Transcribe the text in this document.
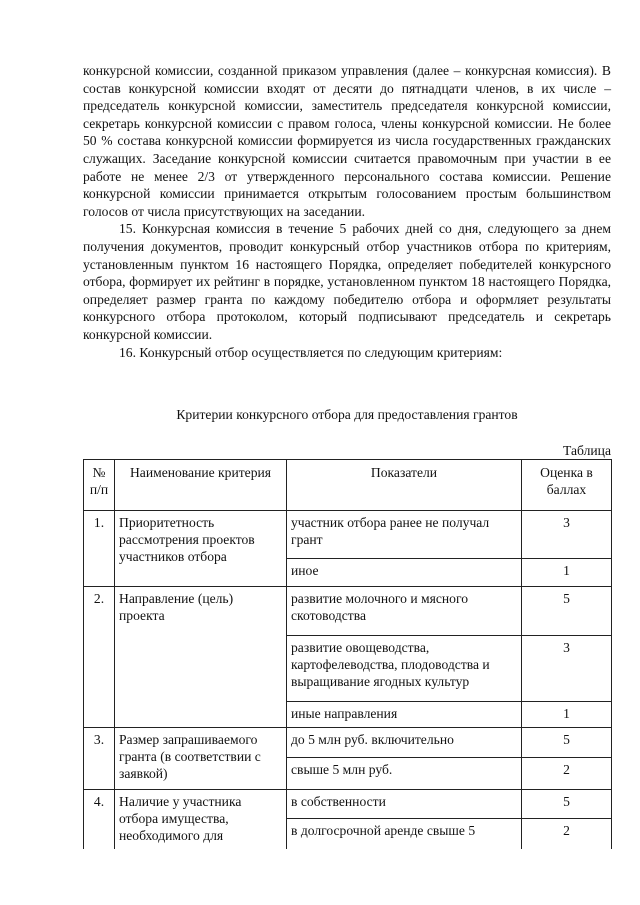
конкурсной комиссии, созданной приказом управления (далее – конкурсная комиссия). В состав конкурсной комиссии входят от десяти до пятнадцати членов, в их числе – председатель конкурсной комиссии, заместитель председателя конкурсной комиссии, секретарь конкурсной комиссии с правом голоса, члены конкурсной комиссии. Не более 50 % состава конкурсной комиссии формируется из числа государственных гражданских служащих. Заседание конкурсной комиссии считается правомочным при участии в ее работе не менее 2/3 от утвержденного персонального состава комиссии. Решение конкурсной комиссии принимается открытым голосованием простым большинством голосов от числа присутствующих на заседании.

15. Конкурсная комиссия в течение 5 рабочих дней со дня, следующего за днем получения документов, проводит конкурсный отбор участников отбора по критериям, установленным пунктом 16 настоящего Порядка, определяет победителей конкурсного отбора, формирует их рейтинг в порядке, установленном пунктом 18 настоящего Порядка, определяет размер гранта по каждому победителю отбора и оформляет результаты конкурсного отбора протоколом, который подписывают председатель и секретарь конкурсной комиссии.

16. Конкурсный отбор осуществляется по следующим критериям:

Критерии конкурсного отбора для предоставления грантов
Таблица
№ п/п	Наименование критерия	Показатели	Оценка в баллах
1.	Приоритетность рассмотрения проектов участников отбора	участник отбора ранее не получал грант	3
		иное	1
2.	Направление (цель) проекта	развитие молочного и мясного скотоводства	5
		развитие овощеводства, картофелеводства, плодоводства и выращивание ягодных культур	3
		иные направления	1
3.	Размер запрашиваемого гранта (в соответствии с заявкой)	до 5 млн руб. включительно	5
		свыше 5 млн руб.	2
4.	Наличие у участника отбора имущества, необходимого для	в собственности	5
		в долгосрочной аренде свыше 5	2
